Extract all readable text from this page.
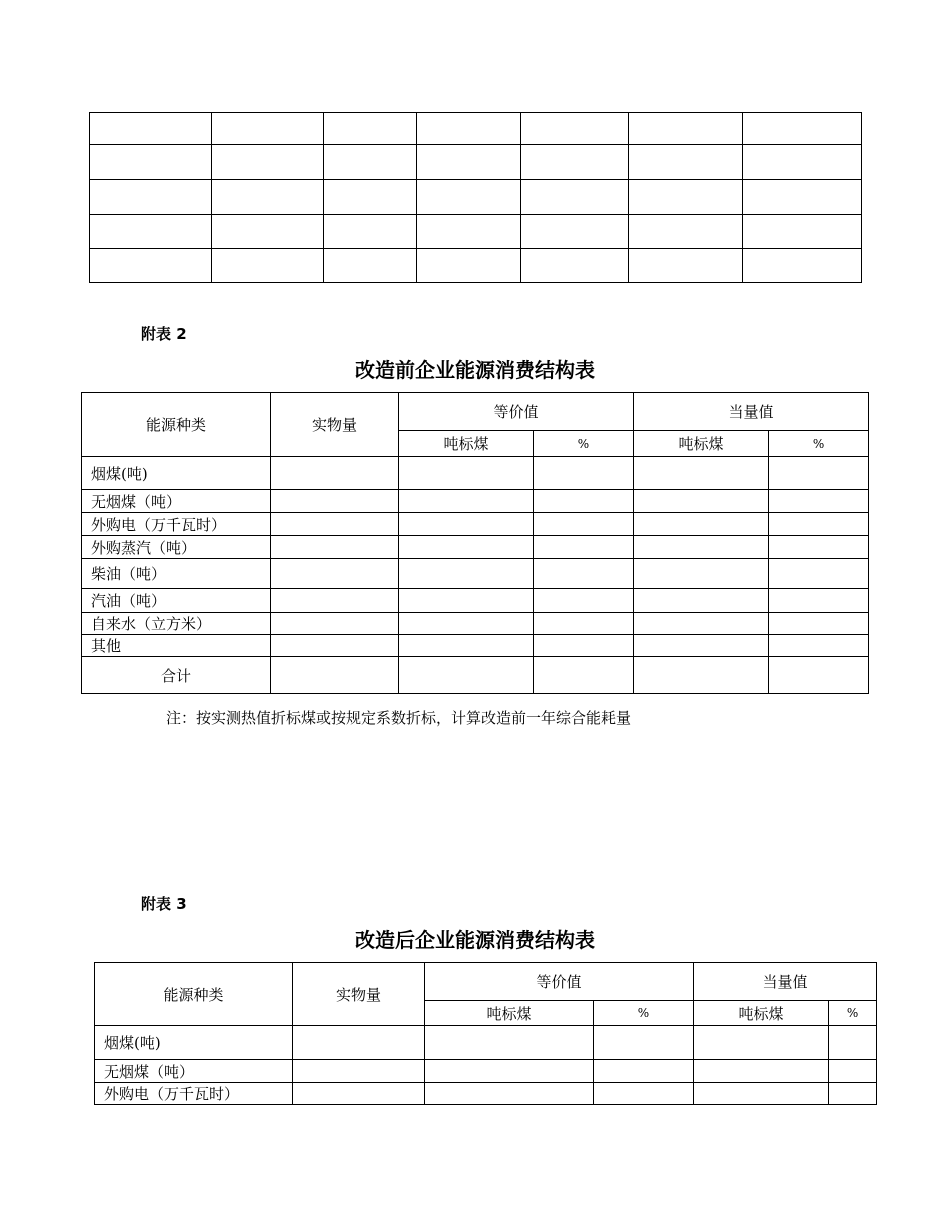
附表 2
改造前企业能源消费结构表
能源种类	实物量	等价值		当量值	
		吨标煤	%	吨标煤	%
烟煤(吨)					
无烟煤（吨）					
外购电（万千瓦时）					
外购蒸汽（吨）					
柴油（吨）					
汽油（吨）					
自来水（立方米）					
其他					
合计					
注：按实测热值折标煤或按规定系数折标，计算改造前一年综合能耗量
附表 3
改造后企业能源消费结构表
能源种类	实物量	等价值		当量值	
		吨标煤	%	吨标煤	%
烟煤(吨)					
无烟煤（吨）					
外购电（万千瓦时）					
